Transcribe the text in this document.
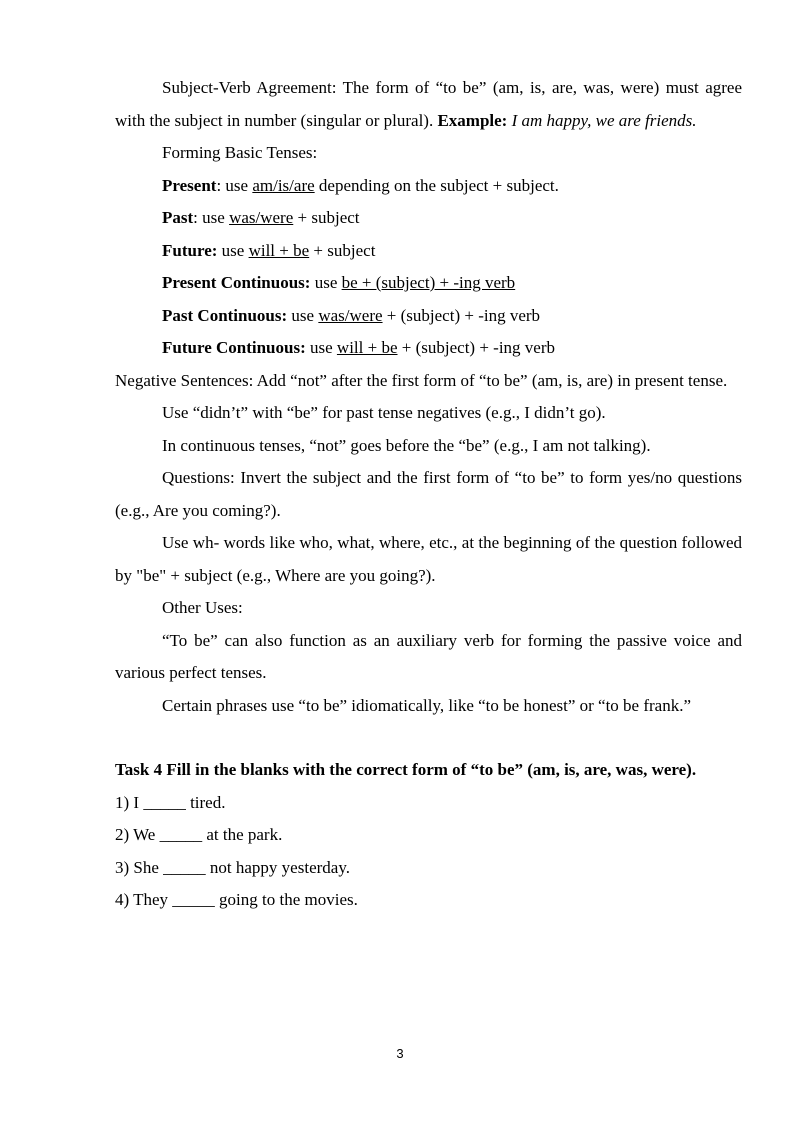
Subject-Verb Agreement: The form of “to be” (am, is, are, was, were) must agree with the subject in number (singular or plural). Example: I am happy, we are friends.

Forming Basic Tenses:

Present: use am/is/are depending on the subject + subject.

Past: use was/were + subject

Future: use will + be + subject

Present Continuous: use be + (subject) + -ing verb

Past Continuous: use was/were + (subject) + -ing verb

Future Continuous: use will + be + (subject) + -ing verb

Negative Sentences: Add “not” after the first form of “to be” (am, is, are) in present tense.

Use “didn’t” with “be” for past tense negatives (e.g., I didn’t go).

In continuous tenses, “not” goes before the “be” (e.g., I am not talking).

Questions: Invert the subject and the first form of “to be” to form yes/no questions (e.g., Are you coming?).

Use wh- words like who, what, where, etc., at the beginning of the question followed by "be" + subject (e.g., Where are you going?).

Other Uses:

“To be” can also function as an auxiliary verb for forming the passive voice and various perfect tenses.

Certain phrases use “to be” idiomatically, like “to be honest” or “to be frank.”

Task 4 Fill in the blanks with the correct form of “to be” (am, is, are, was, were).

1) I _____ tired.

2) We _____ at the park.

3) She _____ not happy yesterday.

4) They _____ going to the movies.

3
